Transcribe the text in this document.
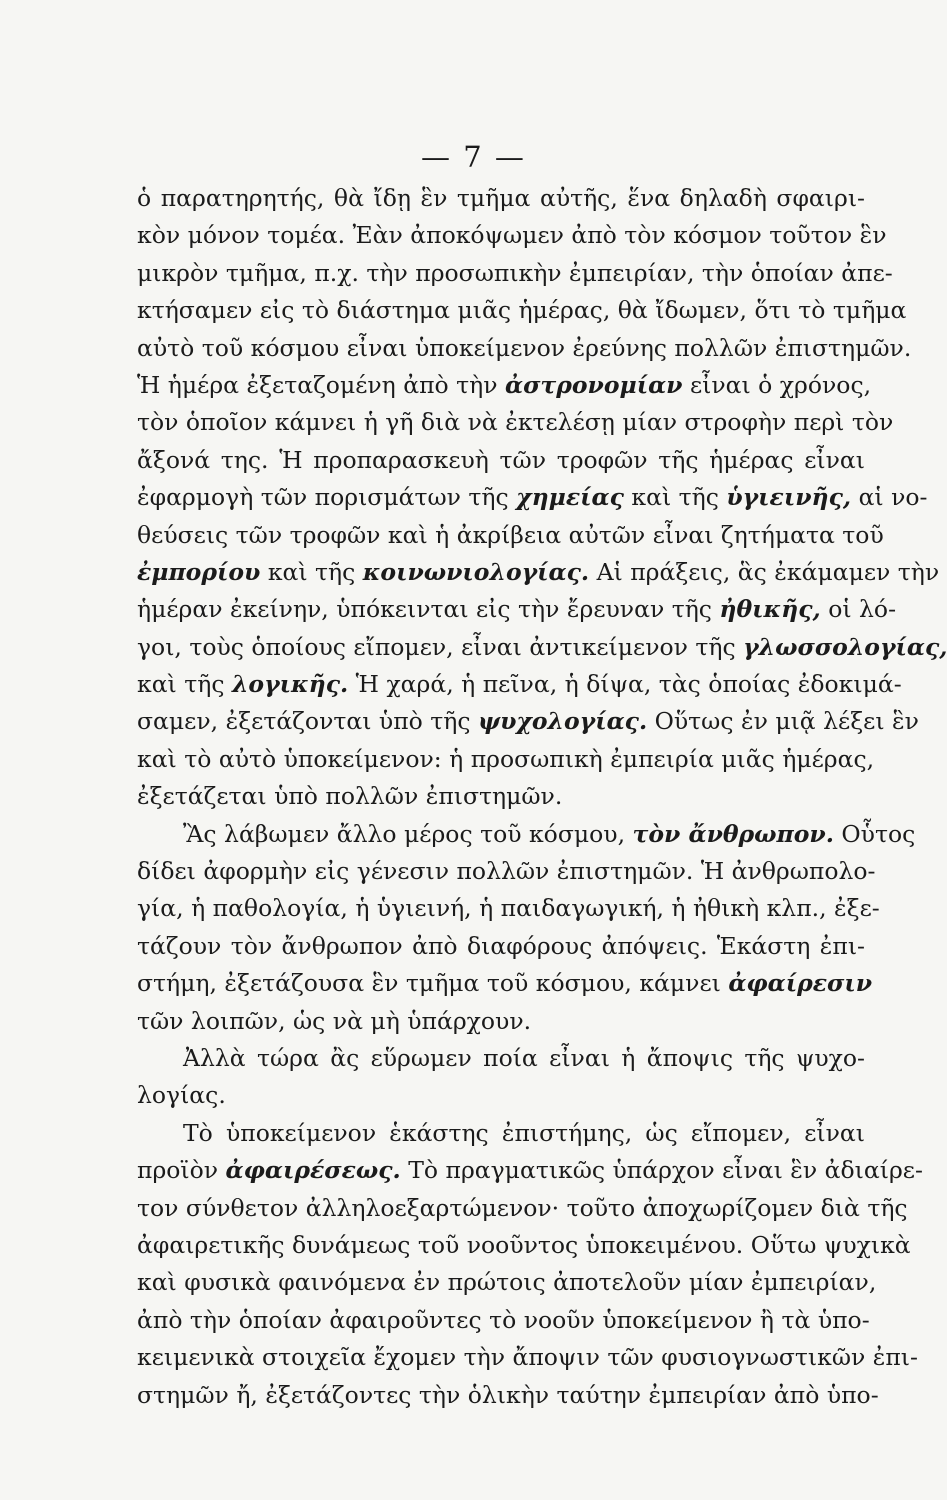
— 7 —
ὁ παρατηρητής, θὰ ἴδῃ ἓν τμῆμα αὐτῆς, ἕνα δηλαδὴ σφαιρι-
κὸν μόνον τομέα. Ἐὰν ἀποκόψωμεν ἀπὸ τὸν κόσμον τοῦτον ἓν
μικρὸν τμῆμα, π.χ. τὴν προσωπικὴν ἐμπειρίαν, τὴν ὁποίαν ἀπε-
κτήσαμεν εἰς τὸ διάστημα μιᾶς ἡμέρας, θὰ ἴδωμεν, ὅτι τὸ τμῆμα
αὐτὸ τοῦ κόσμου εἶναι ὑποκείμενον ἐρεύνης πολλῶν ἐπιστημῶν.
Ἡ ἡμέρα ἐξεταζομένη ἀπὸ τὴν ἀστρονομίαν εἶναι ὁ χρόνος,
τὸν ὁποῖον κάμνει ἡ γῆ διὰ νὰ ἐκτελέσῃ μίαν στροφὴν περὶ τὸν
ἄξονά της. Ἡ προπαρασκευὴ τῶν τροφῶν τῆς ἡμέρας εἶναι
ἐφαρμογὴ τῶν πορισμάτων τῆς χημείας καὶ τῆς ὑγιεινῆς, αἱ νο-
θεύσεις τῶν τροφῶν καὶ ἡ ἀκρίβεια αὐτῶν εἶναι ζητήματα τοῦ
ἐμπορίου καὶ τῆς κοινωνιολογίας. Αἱ πράξεις, ἃς ἐκάμαμεν τὴν
ἡμέραν ἐκείνην, ὑπόκεινται εἰς τὴν ἔρευναν τῆς ἠθικῆς, οἱ λό-
γοι, τοὺς ὁποίους εἴπομεν, εἶναι ἀντικείμενον τῆς γλωσσολογίας,
καὶ τῆς λογικῆς. Ἡ χαρά, ἡ πεῖνα, ἡ δίψα, τὰς ὁποίας ἐδοκιμά-
σαμεν, ἐξετάζονται ὑπὸ τῆς ψυχολογίας. Οὕτως ἐν μιᾷ λέξει ἓν
καὶ τὸ αὐτὸ ὑποκείμενον: ἡ προσωπικὴ ἐμπειρία μιᾶς ἡμέρας,
ἐξετάζεται ὑπὸ πολλῶν ἐπιστημῶν.
Ἂς λάβωμεν ἄλλο μέρος τοῦ κόσμου, τὸν ἄνθρωπον. Οὗτος
δίδει ἀφορμὴν εἰς γένεσιν πολλῶν ἐπιστημῶν. Ἡ ἀνθρωπολο-
γία, ἡ παθολογία, ἡ ὑγιεινή, ἡ παιδαγωγική, ἡ ἠθικὴ κλπ., ἐξε-
τάζουν τὸν ἄνθρωπον ἀπὸ διαφόρους ἀπόψεις. Ἑκάστη ἐπι-
στήμη, ἐξετάζουσα ἓν τμῆμα τοῦ κόσμου, κάμνει ἀφαίρεσιν
τῶν λοιπῶν, ὡς νὰ μὴ ὑπάρχουν.
Ἀλλὰ τώρα ἂς εὕρωμεν ποία εἶναι ἡ ἄποψις τῆς ψυχο-
λογίας.
Τὸ ὑποκείμενον ἑκάστης ἐπιστήμης, ὡς εἴπομεν, εἶναι
προϊὸν ἀφαιρέσεως. Τὸ πραγματικῶς ὑπάρχον εἶναι ἓν ἀδιαίρε-
τον σύνθετον ἀλληλοεξαρτώμενον· τοῦτο ἀποχωρίζομεν διὰ τῆς
ἀφαιρετικῆς δυνάμεως τοῦ νοοῦντος ὑποκειμένου. Οὕτω ψυχικὰ
καὶ φυσικὰ φαινόμενα ἐν πρώτοις ἀποτελοῦν μίαν ἐμπειρίαν,
ἀπὸ τὴν ὁποίαν ἀφαιροῦντες τὸ νοοῦν ὑποκείμενον ἢ τὰ ὑπο-
κειμενικὰ στοιχεῖα ἔχομεν τὴν ἄποψιν τῶν φυσιογνωστικῶν ἐπι-
στημῶν ἤ, ἐξετάζοντες τὴν ὁλικὴν ταύτην ἐμπειρίαν ἀπὸ ὑπο-
